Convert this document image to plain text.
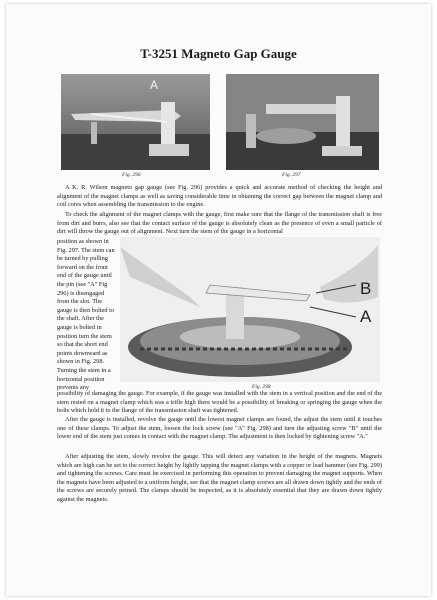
T-3251 Magneto Gap Gauge
A
Fig. 296	Fig. 297

A K. R. Wilson magneto gap gauge (see Fig. 296) provides a quick and accurate method of checking the height and alignment of the magnet clamps as well as saving considerable time in obtaining the correct gap between the magnet clamp and coil cores when assembling the transmission to the engine.

To check the alignment of the magnet clamps with the gauge, first make sure that the flange of the transmission shaft is free from dirt and burrs, also see that the contact surface of the gauge is absolutely clean as the presence of even a small particle of dirt will throw the gauge out of alignment. Next turn the stem of the gauge in a horizontal

position as shown in Fig. 297. The stem can be turned by pulling forward on the front end of the gauge until the pin (see "A" Fig 296) is disengaged from the slot. The gauge is then bolted to the shaft. After the gauge is bolted in position turn the stem so that the short end points downward as shown in Fig. 298. Turning the stem in a horizontal position prevents any

B
A
Fig. 298

possibility of damaging the gauge. For example, if the gauge was installed with the stem in a vertical position and the end of the stem rested on a magnet clamp which was a trifle high there would be a possibility of breaking or springing the gauge when the bolts which hold it to the flange of the transmission shaft was tightened.

After the gauge is installed, revolve the gauge until the lowest magnet clamps are found, the adjust the stem until it touches one of these clamps. To adjust the stem, loosen the lock screw (see "A" Fig. 298) and turn the adjusting screw "B" until the lower end of the stem just comes in contact with the magnet clamp. The adjustment is then locked by tightening screw "A."

After adjusting the stem, slowly revolve the gauge. This will detect any variation in the height of the magnets. Magnets which are high can be set to the correct height by lightly tapping the magnet clamps with a copper or lead hammer (see Fig. 299) and tightening the screws. Care must be exercised in performing this operation to prevent damaging the magnet supports. When the magnets have been adjusted to a uniform height, see that the magnet clamp screws are all drawn down tightly and the ends of the screws are securely peined. The clamps should be inspected, as it is absolutely essential that they are drawn down tightly against the magnets.
